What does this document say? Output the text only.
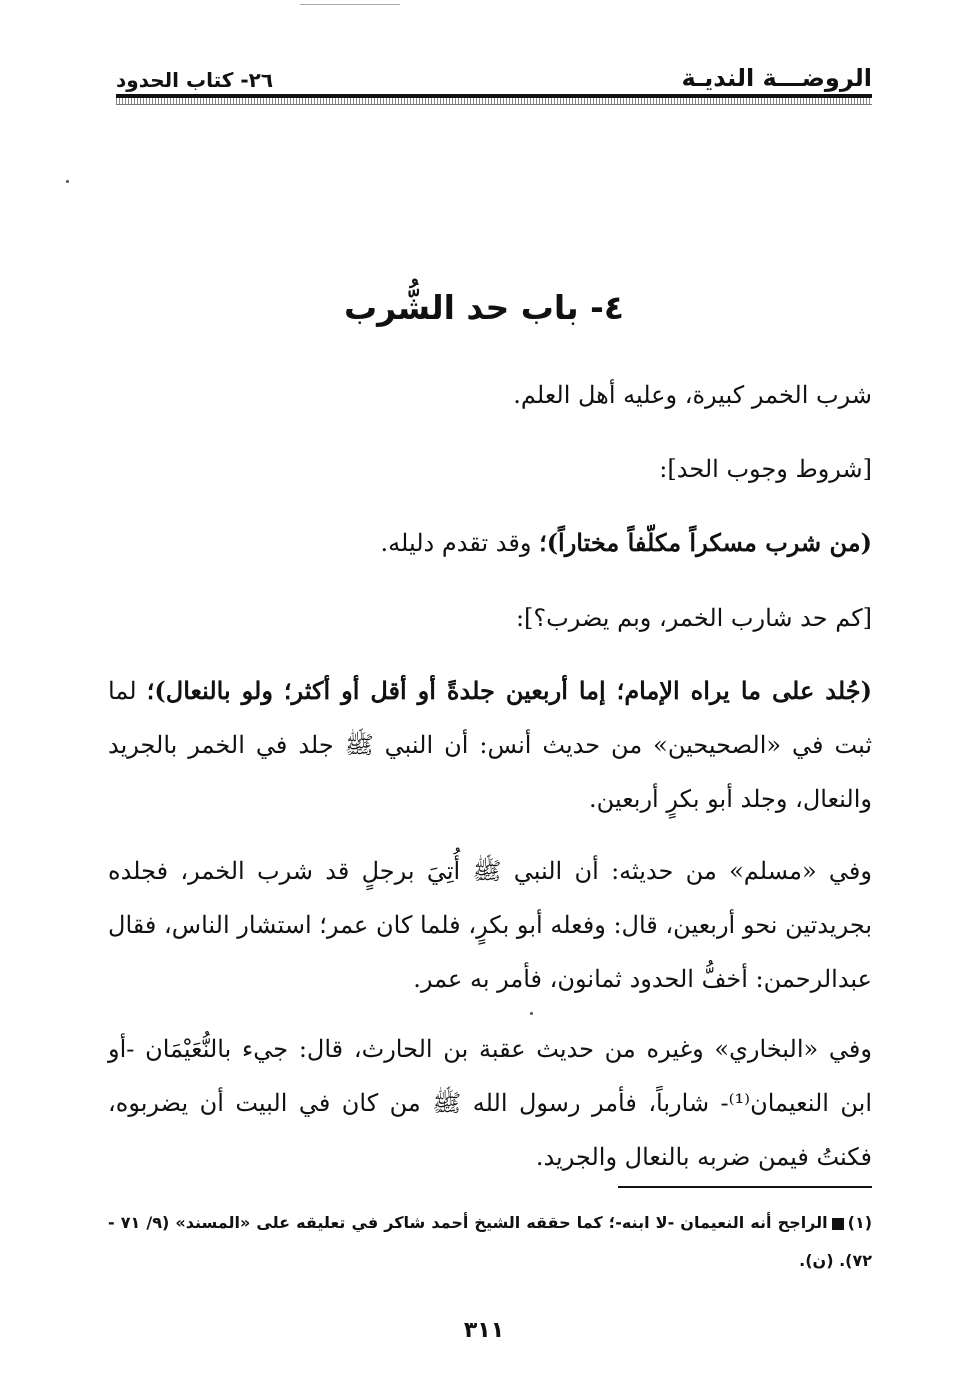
الروضـــة النديـة
٢٦- كتاب الحدود
٤- باب حد الشُّرب
شرب الخمر كبيرة، وعليه أهل العلم.
[شروط وجوب الحد]:
(من شرب مسكراً مكلّفاً مختاراً)؛ وقد تقدم دليله.
[كم حد شارب الخمر، وبم يضرب؟]:
(جُلد على ما يراه الإمام؛ إما أربعين جلدةً أو أقل أو أكثر؛ ولو بالنعال)؛ لما ثبت في «الصحيحين» من حديث أنس: أن النبي ﷺ جلد في الخمر بالجريد والنعال، وجلد أبو بكرٍ أربعين.
وفي «مسلم» من حديثه: أن النبي ﷺ أُتِيَ برجلٍ قد شرب الخمر، فجلده بجريدتين نحو أربعين، قال: وفعله أبو بكرٍ، فلما كان عمر؛ استشار الناس، فقال عبدالرحمن: أخفُّ الحدود ثمانون، فأمر به عمر.
وفي «البخاري» وغيره من حديث عقبة بن الحارث، قال: جيء بالنُّعَيْمَان -أو ابن النعيمان⁽¹⁾- شارباً، فأمر رسول الله ﷺ من كان في البيت أن يضربوه، فكنتُ فيمن ضربه بالنعال والجريد.
(١)الراجح أنه النعيمان -لا ابنه-؛ كما حققه الشيخ أحمد شاكر في تعليقه على «المسند» (٩/ ٧١ - ٧٢). (ن).
٣١١
